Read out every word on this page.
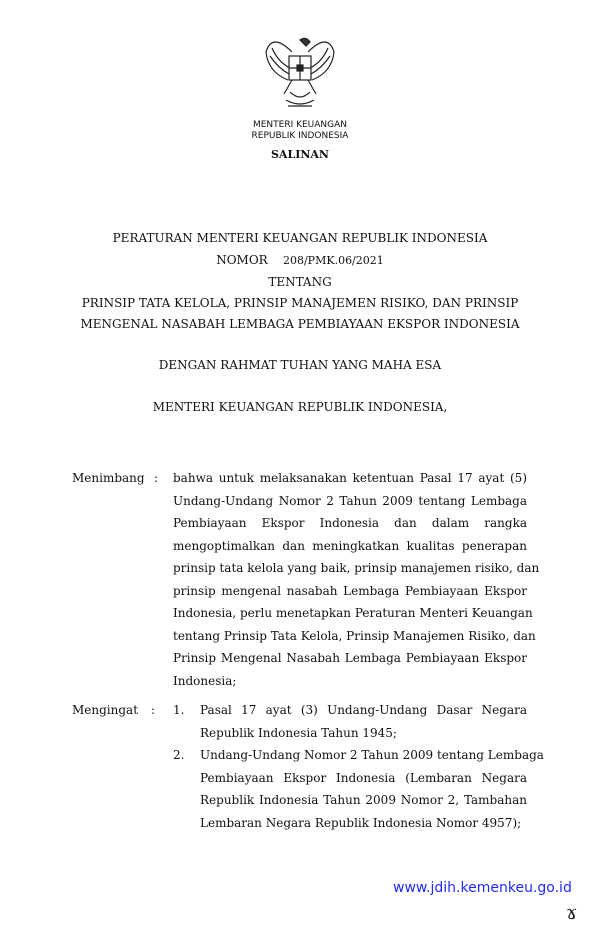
MENTERI KEUANGAN
REPUBLIK INDONESIA
SALINAN
PERATURAN MENTERI KEUANGAN REPUBLIK INDONESIA
NOMOR 208/PMK.06/2021
TENTANG
PRINSIP TATA KELOLA, PRINSIP MANAJEMEN RISIKO, DAN PRINSIP
MENGENAL NASABAH LEMBAGA PEMBIAYAAN EKSPOR INDONESIA
DENGAN RAHMAT TUHAN YANG MAHA ESA
MENTERI KEUANGAN REPUBLIK INDONESIA,
Menimbang : bahwa untuk melaksanakan ketentuan Pasal 17 ayat (5)
Undang-Undang Nomor 2 Tahun 2009 tentang Lembaga
Pembiayaan Ekspor Indonesia dan dalam rangka
mengoptimalkan dan meningkatkan kualitas penerapan
prinsip tata kelola yang baik, prinsip manajemen risiko, dan
prinsip mengenal nasabah Lembaga Pembiayaan Ekspor
Indonesia, perlu menetapkan Peraturan Menteri Keuangan
tentang Prinsip Tata Kelola, Prinsip Manajemen Risiko, dan
Prinsip Mengenal Nasabah Lembaga Pembiayaan Ekspor
Indonesia;
Mengingat : 1. Pasal 17 ayat (3) Undang-Undang Dasar Negara
Republik Indonesia Tahun 1945;
2. Undang-Undang Nomor 2 Tahun 2009 tentang Lembaga
Pembiayaan Ekspor Indonesia (Lembaran Negara
Republik Indonesia Tahun 2009 Nomor 2, Tambahan
Lembaran Negara Republik Indonesia Nomor 4957);
www.jdih.kemenkeu.go.id
ɤ
